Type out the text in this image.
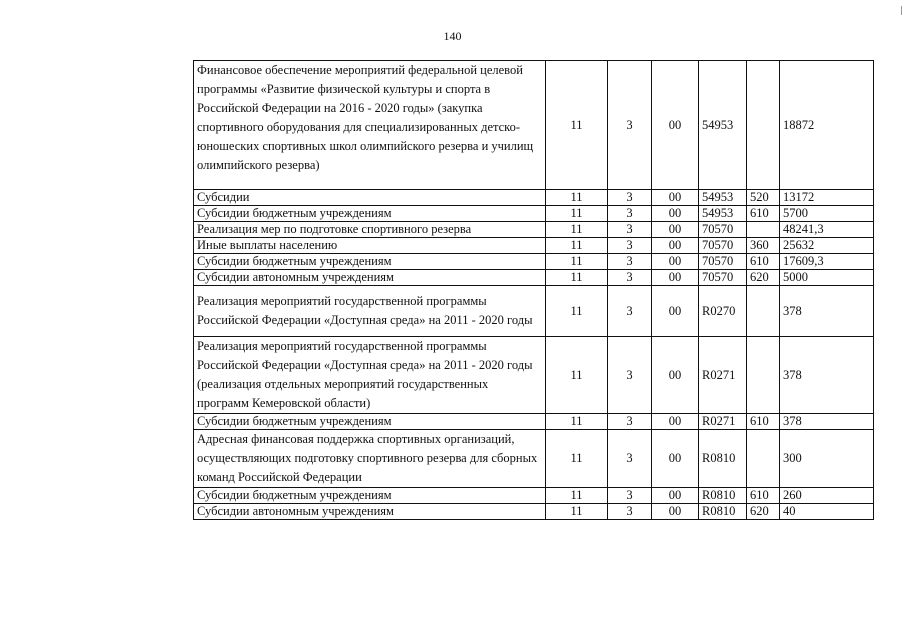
140
Финансовое обеспечение мероприятий федеральной целевой программы «Развитие физической культуры и спорта в Российской Федерации на 2016 - 2020 годы» (закупка спортивного оборудования для специализированных детско-юношеских спортивных школ олимпийского резерва и училищ олимпийского резерва)	11	3	00	54953		18872
Субсидии	11	3	00	54953	520	13172
Субсидии бюджетным учреждениям	11	3	00	54953	610	5700
Реализация мер по подготовке спортивного резерва	11	3	00	70570		48241,3
Иные выплаты населению	11	3	00	70570	360	25632
Субсидии бюджетным учреждениям	11	3	00	70570	610	17609,3
Субсидии автономным учреждениям	11	3	00	70570	620	5000
Реализация мероприятий государственной программы Российской Федерации «Доступная среда» на 2011 - 2020 годы	11	3	00	R0270		378
Реализация мероприятий государственной программы Российской Федерации «Доступная среда» на 2011 - 2020 годы (реализация отдельных мероприятий государственных программ Кемеровской области)	11	3	00	R0271		378
Субсидии бюджетным учреждениям	11	3	00	R0271	610	378
Адресная финансовая поддержка спортивных организаций, осуществляющих подготовку спортивного резерва для сборных команд Российской Федерации	11	3	00	R0810		300
Субсидии бюджетным учреждениям	11	3	00	R0810	610	260
Субсидии автономным учреждениям	11	3	00	R0810	620	40
